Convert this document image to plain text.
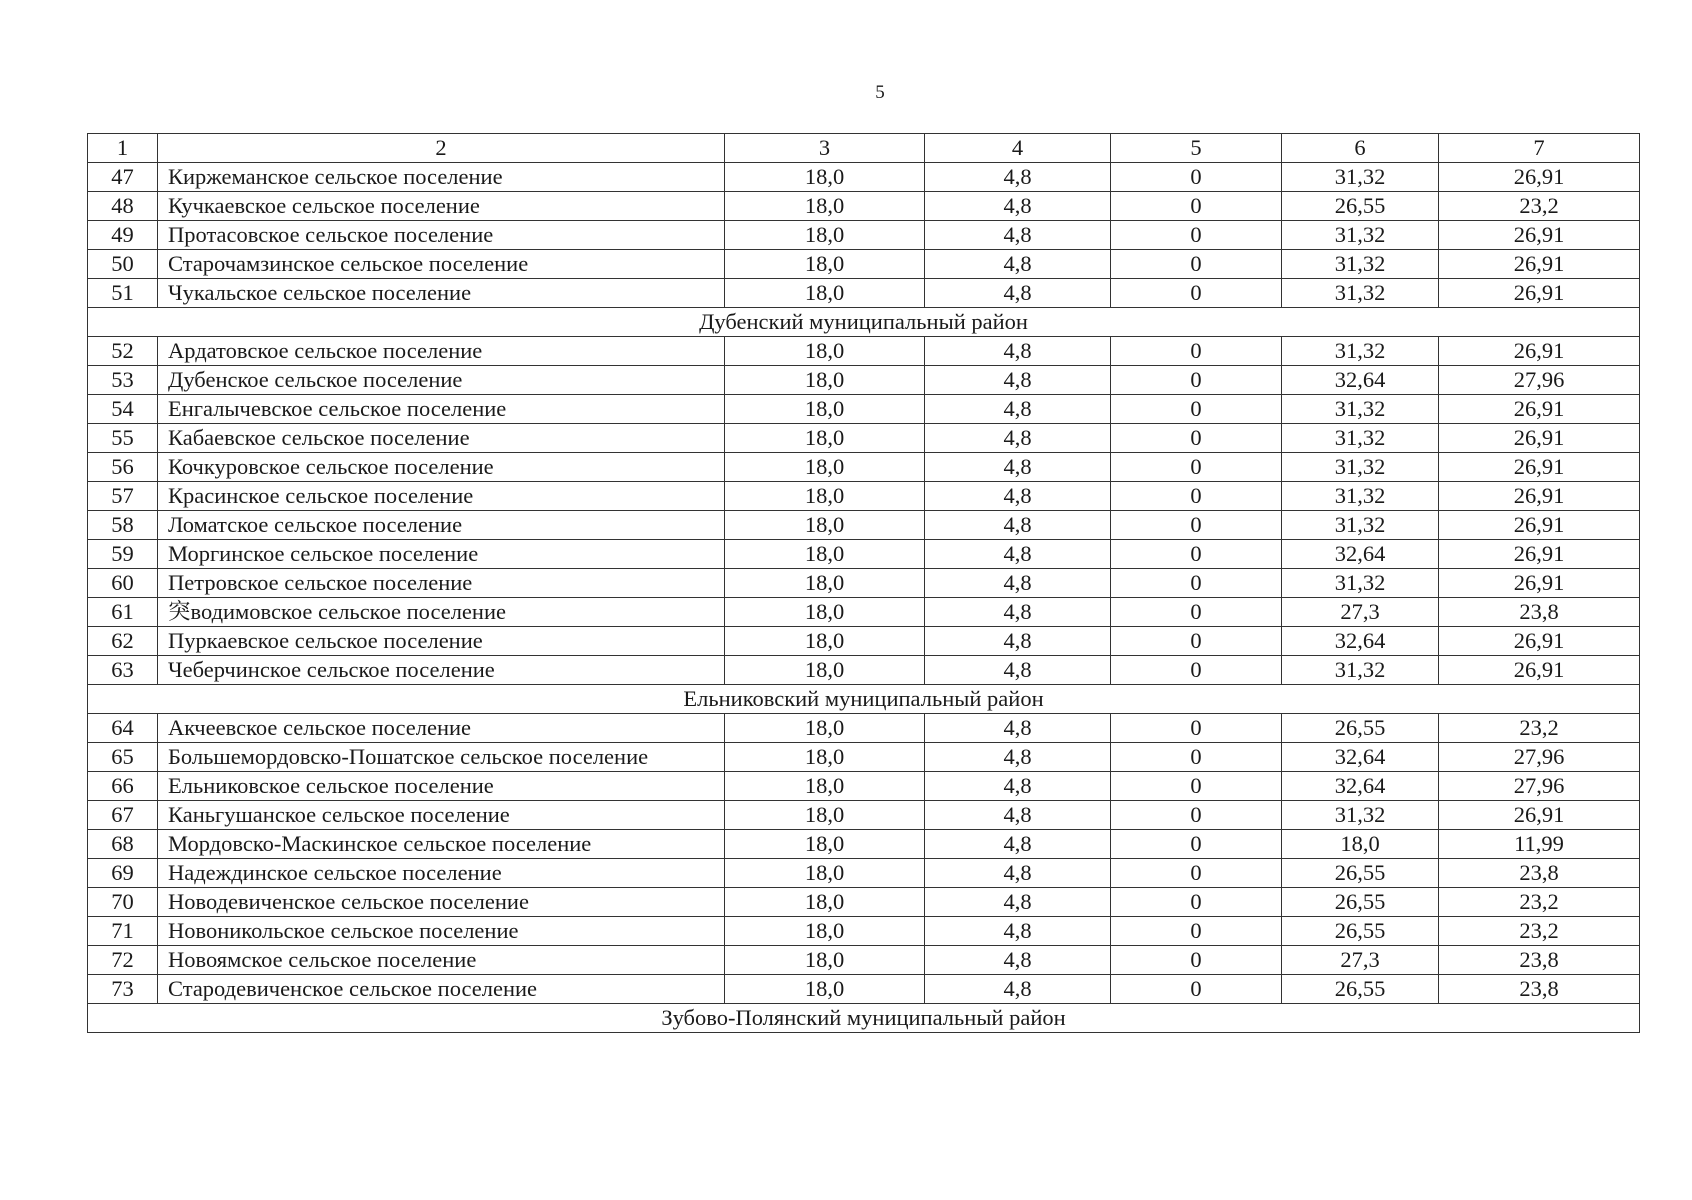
5
1	2	3	4	5	6	7
47	Киржеманское сельское поселение	18,0	4,8	0	31,32	26,91
48	Кучкаевское сельское поселение	18,0	4,8	0	26,55	23,2
49	Протасовское сельское поселение	18,0	4,8	0	31,32	26,91
50	Старочамзинское сельское поселение	18,0	4,8	0	31,32	26,91
51	Чукальское сельское поселение	18,0	4,8	0	31,32	26,91
Дубенский муниципальный район						
52	Ардатовское сельское поселение	18,0	4,8	0	31,32	26,91
53	Дубенское сельское поселение	18,0	4,8	0	32,64	27,96
54	Енгалычевское сельское поселение	18,0	4,8	0	31,32	26,91
55	Кабаевское сельское поселение	18,0	4,8	0	31,32	26,91
56	Кочкуровское сельское поселение	18,0	4,8	0	31,32	26,91
57	Красинское сельское поселение	18,0	4,8	0	31,32	26,91
58	Ломатское сельское поселение	18,0	4,8	0	31,32	26,91
59	Моргинское сельское поселение	18,0	4,8	0	32,64	26,91
60	Петровское сельское поселение	18,0	4,8	0	31,32	26,91
61	突водимовское сельское поселение	18,0	4,8	0	27,3	23,8
62	Пуркаевское сельское поселение	18,0	4,8	0	32,64	26,91
63	Чеберчинское сельское поселение	18,0	4,8	0	31,32	26,91
Ельниковский муниципальный район						
64	Акчеевское сельское поселение	18,0	4,8	0	26,55	23,2
65	Большемордовско-Пошатское сельское поселение	18,0	4,8	0	32,64	27,96
66	Ельниковское сельское поселение	18,0	4,8	0	32,64	27,96
67	Каньгушанское сельское поселение	18,0	4,8	0	31,32	26,91
68	Мордовско-Маскинское сельское поселение	18,0	4,8	0	18,0	11,99
69	Надеждинское сельское поселение	18,0	4,8	0	26,55	23,8
70	Новодевиченское сельское поселение	18,0	4,8	0	26,55	23,2
71	Новоникольское сельское поселение	18,0	4,8	0	26,55	23,2
72	Новоямское сельское поселение	18,0	4,8	0	27,3	23,8
73	Стародевиченское сельское поселение	18,0	4,8	0	26,55	23,8
Зубово-Полянский муниципальный район						
